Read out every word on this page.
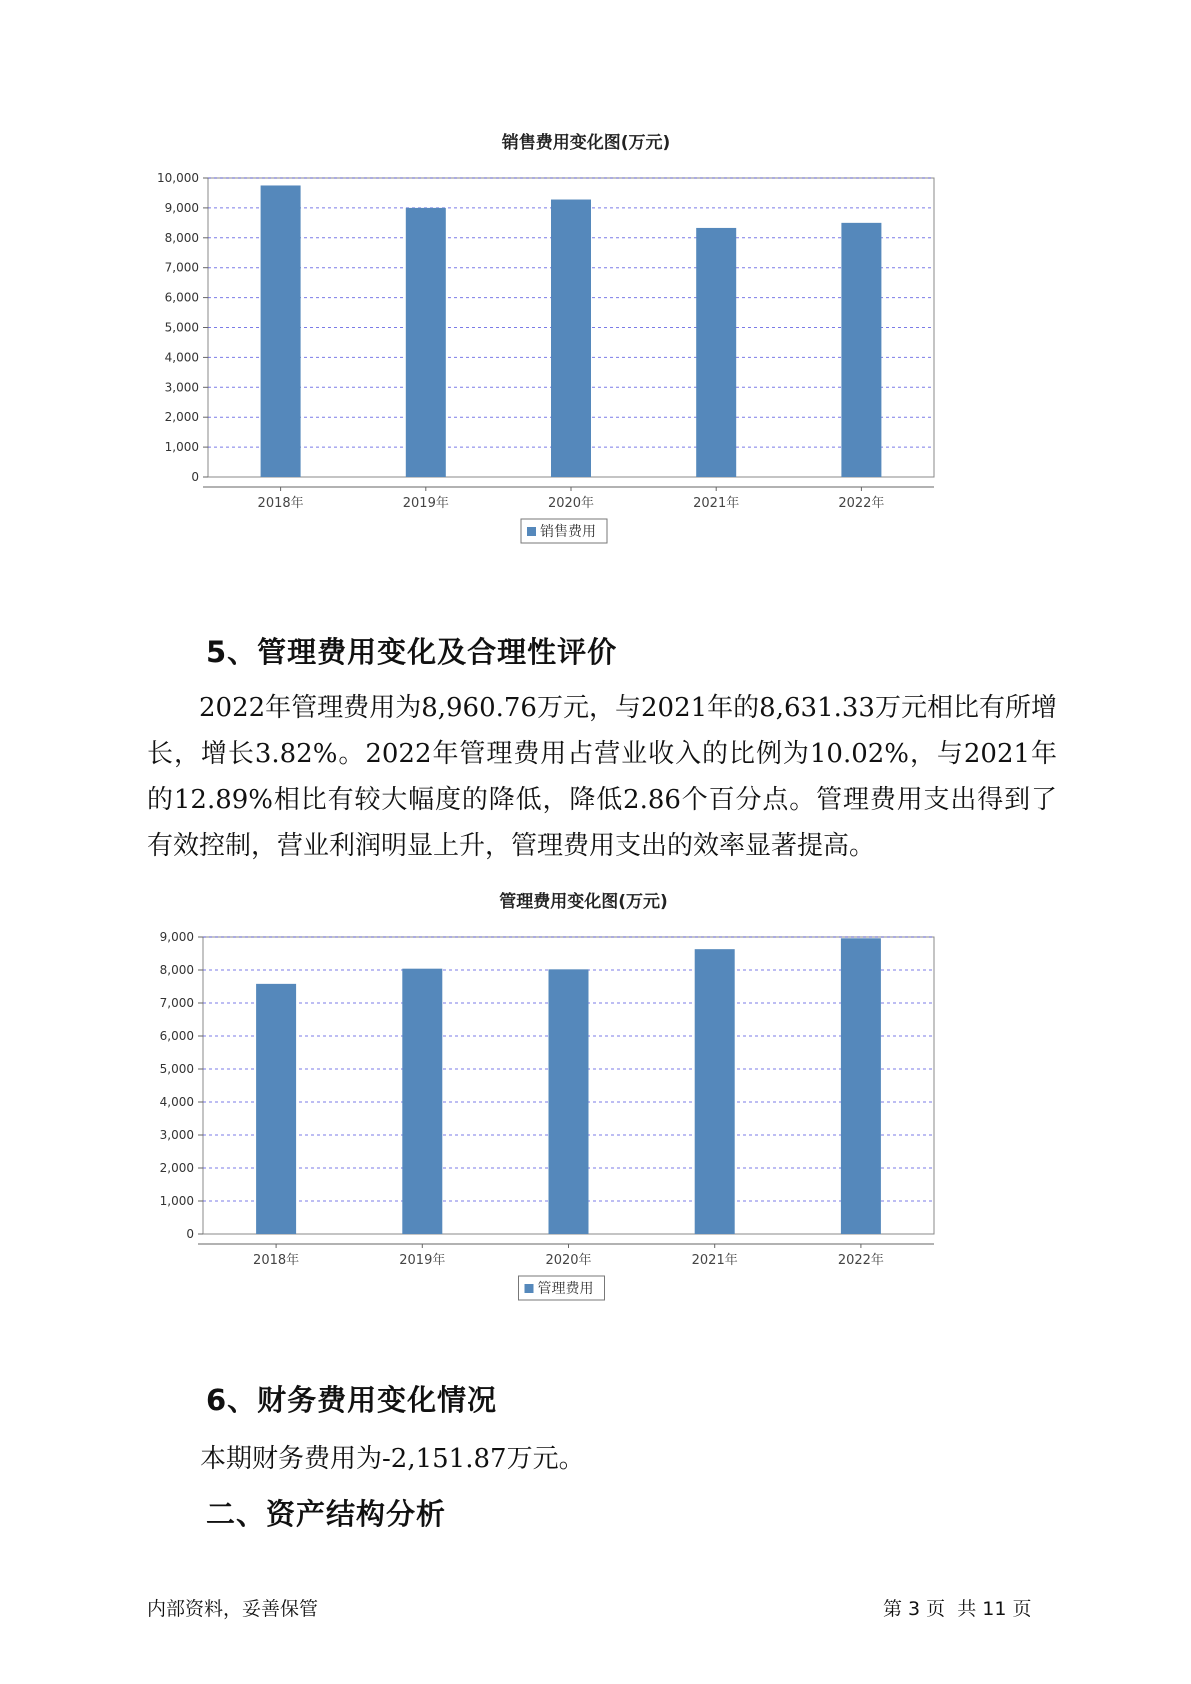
销售费用变化图(万元)
0
1,000
2,000
3,000
4,000
5,000
6,000
7,000
8,000
9,000
10,000
2018年	2019年	2020年	2021年	2022年
销售费用
5、管理费用变化及合理性评价
2022年管理费用为8,960.76万元，与2021年的8,631.33万元相比有所增长，增长3.82%。2022年管理费用占营业收入的比例为10.02%，与2021年的12.89%相比有较大幅度的降低，降低2.86个百分点。管理费用支出得到了有效控制，营业利润明显上升，管理费用支出的效率显著提高。
管理费用变化图(万元)
0
1,000
2,000
3,000
4,000
5,000
6,000
7,000
8,000
9,000
2018年	2019年	2020年	2021年	2022年
管理费用
6、财务费用变化情况
本期财务费用为-2,151.87万元。
二、资产结构分析
内部资料，妥善保管	第 3 页  共 11 页
